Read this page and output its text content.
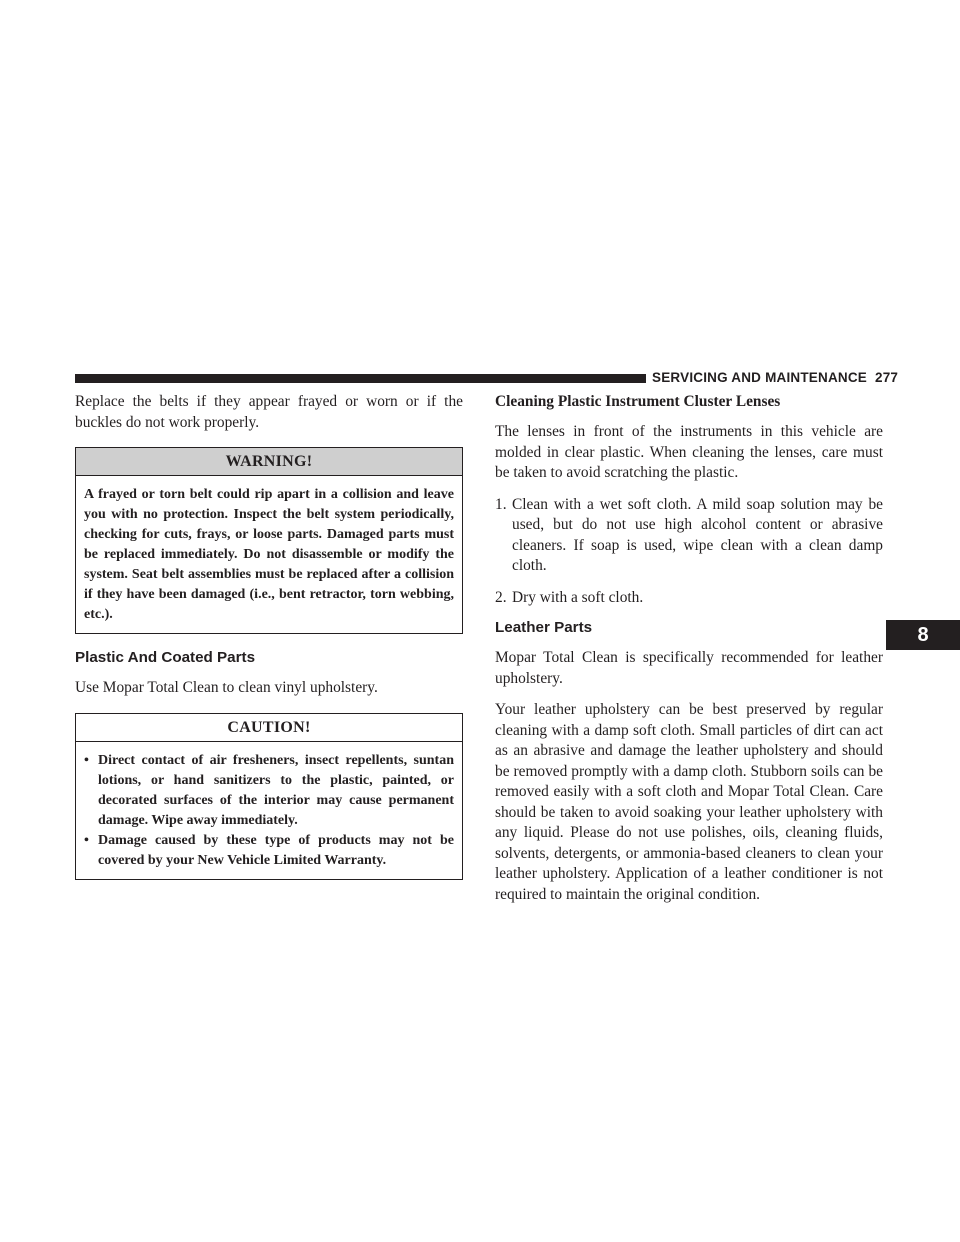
SERVICING AND MAINTENANCE 277
8

Replace the belts if they appear frayed or worn or if the buckles do not work properly.

WARNING!
A frayed or torn belt could rip apart in a collision and leave you with no protection. Inspect the belt system periodically, checking for cuts, frays, or loose parts. Damaged parts must be replaced immediately. Do not disassemble or modify the system. Seat belt assemblies must be replaced after a collision if they have been damaged (i.e., bent retractor, torn webbing, etc.).
Plastic And Coated Parts

Use Mopar Total Clean to clean vinyl upholstery.

CAUTION!
• Direct contact of air fresheners, insect repellents, suntan lotions, or hand sanitizers to the plastic, painted, or decorated surfaces of the interior may cause permanent damage. Wipe away immediately.
• Damage caused by these type of products may not be covered by your New Vehicle Limited Warranty.
Cleaning Plastic Instrument Cluster Lenses

The lenses in front of the instruments in this vehicle are molded in clear plastic. When cleaning the lenses, care must be taken to avoid scratching the plastic.

1. Clean with a wet soft cloth. A mild soap solution may be used, but do not use high alcohol content or abrasive cleaners. If soap is used, wipe clean with a clean damp cloth.
2. Dry with a soft cloth.
Leather Parts

Mopar Total Clean is specifically recommended for leather upholstery.

Your leather upholstery can be best preserved by regular cleaning with a damp soft cloth. Small particles of dirt can act as an abrasive and damage the leather upholstery and should be removed promptly with a damp cloth. Stubborn soils can be removed easily with a soft cloth and Mopar Total Clean. Care should be taken to avoid soaking your leather upholstery with any liquid. Please do not use polishes, oils, cleaning fluids, solvents, detergents, or ammonia-based cleaners to clean your leather upholstery. Application of a leather conditioner is not required to maintain the original condition.
